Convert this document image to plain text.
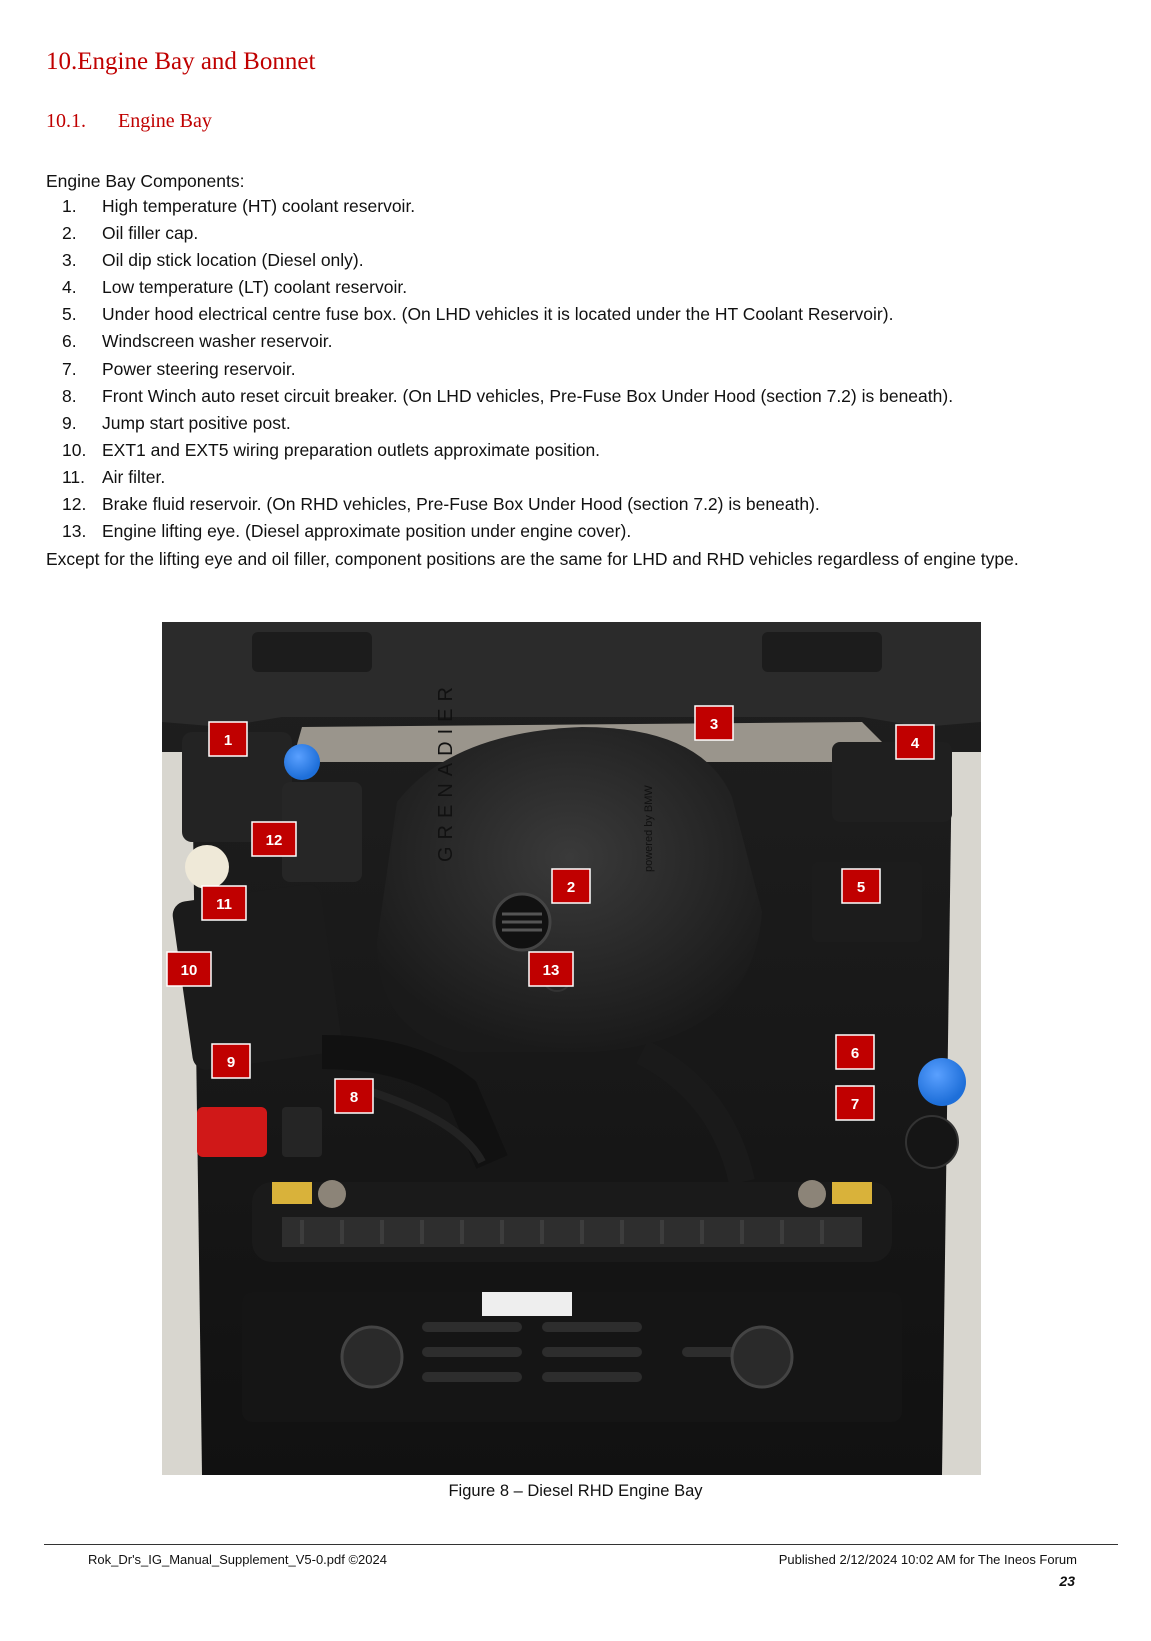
10.Engine Bay and Bonnet
10.1. Engine Bay
Engine Bay Components:
1.	High temperature (HT) coolant reservoir.
2.	Oil filler cap.
3.	Oil dip stick location (Diesel only).
4.	Low temperature (LT) coolant reservoir.
5.	Under hood electrical centre fuse box. (On LHD vehicles it is located under the HT Coolant Reservoir).
6.	Windscreen washer reservoir.
7.	Power steering reservoir.
8.	Front Winch auto reset circuit breaker. (On LHD vehicles, Pre-Fuse Box Under Hood (section 7.2) is beneath).
9.	Jump start positive post.
10. EXT1 and EXT5 wiring preparation outlets approximate position.
11. Air filter.
12. Brake fluid reservoir. (On RHD vehicles, Pre-Fuse Box Under Hood (section 7.2) is beneath).
13. Engine lifting eye. (Diesel approximate position under engine cover).
Except for the lifting eye and oil filler, component positions are the same for LHD and RHD vehicles regardless of engine type.
GRENADIER	powered by BMW
1
2
3
4
5
6
7
8
9
10
11
12
13
Figure 8 – Diesel RHD Engine Bay
Rok_Dr's_IG_Manual_Supplement_V5-0.pdf ©2024	Published 2/12/2024 10:02 AM for The Ineos Forum
23
